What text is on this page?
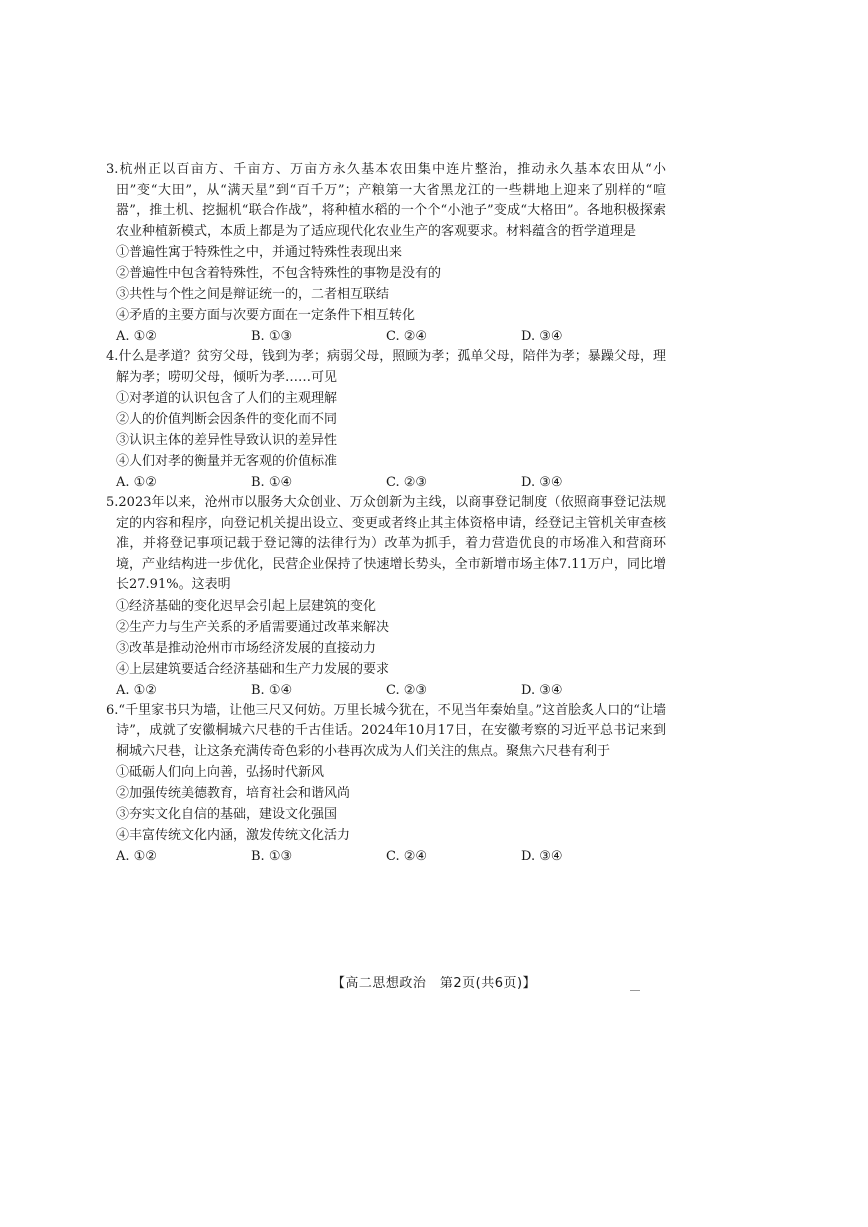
3.杭州正以百亩方、千亩方、万亩方永久基本农田集中连片整治，推动永久基本农田从“小田”变“大田”，从“满天星”到“百千万”；产粮第一大省黑龙江的一些耕地上迎来了别样的“喧嚣”，推土机、挖掘机“联合作战”，将种植水稻的一个个“小池子”变成“大格田”。各地积极探索农业种植新模式，本质上都是为了适应现代化农业生产的客观要求。材料蕴含的哲学道理是

①普遍性寓于特殊性之中，并通过特殊性表现出来

②普遍性中包含着特殊性，不包含特殊性的事物是没有的

③共性与个性之间是辩证统一的，二者相互联结

④矛盾的主要方面与次要方面在一定条件下相互转化

A. ①②	B. ①③	C. ②④	D. ③④

4.什么是孝道？贫穷父母，钱到为孝；病弱父母，照顾为孝；孤单父母，陪伴为孝；暴躁父母，理解为孝；唠叨父母，倾听为孝……可见

①对孝道的认识包含了人们的主观理解

②人的价值判断会因条件的变化而不同

③认识主体的差异性导致认识的差异性

④人们对孝的衡量并无客观的价值标准

A. ①②	B. ①④	C. ②③	D. ③④

5.2023年以来，沧州市以服务大众创业、万众创新为主线，以商事登记制度（依照商事登记法规定的内容和程序，向登记机关提出设立、变更或者终止其主体资格申请，经登记主管机关审查核准，并将登记事项记载于登记簿的法律行为）改革为抓手，着力营造优良的市场准入和营商环境，产业结构进一步优化，民营企业保持了快速增长势头，全市新增市场主体7.11万户，同比增长27.91%。这表明

①经济基础的变化迟早会引起上层建筑的变化

②生产力与生产关系的矛盾需要通过改革来解决

③改革是推动沧州市市场经济发展的直接动力

④上层建筑要适合经济基础和生产力发展的要求

A. ①②	B. ①④	C. ②③	D. ③④

6.“千里家书只为墙，让他三尺又何妨。万里长城今犹在，不见当年秦始皇。”这首脍炙人口的“让墙诗”，成就了安徽桐城六尺巷的千古佳话。2024年10月17日，在安徽考察的习近平总书记来到桐城六尺巷，让这条充满传奇色彩的小巷再次成为人们关注的焦点。聚焦六尺巷有利于

①砥砺人们向上向善，弘扬时代新风

②加强传统美德教育，培育社会和谐风尚

③夯实文化自信的基础，建设文化强国

④丰富传统文化内涵，激发传统文化活力

A. ①②	B. ①③	C. ②④	D. ③④
【高二思想政治　第2页(共6页)】
